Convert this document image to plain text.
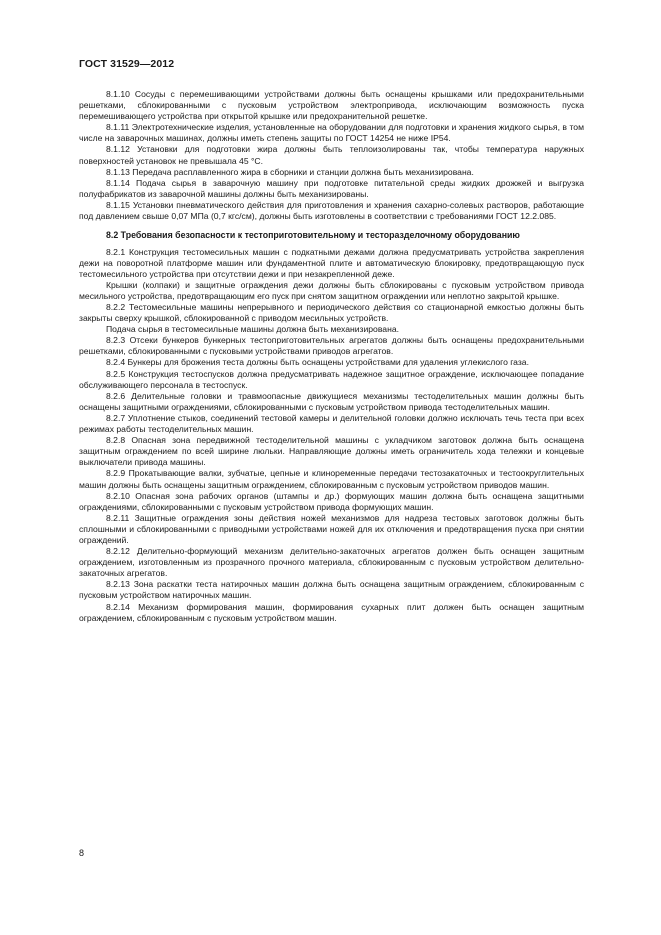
ГОСТ 31529—2012

8.1.10 Сосуды с перемешивающими устройствами должны быть оснащены крышками или предохранительными решетками, сблокированными с пусковым устройством электропривода, исключающим возможность пуска перемешивающего устройства при открытой крышке или предохранительной решетке.

8.1.11 Электротехнические изделия, установленные на оборудовании для подготовки и хранения жидкого сырья, в том числе на заварочных машинах, должны иметь степень защиты по ГОСТ 14254 не ниже IP54.

8.1.12 Установки для подготовки жира должны быть теплоизолированы так, чтобы температура наружных поверхностей установок не превышала 45 °С.

8.1.13 Передача расплавленного жира в сборники и станции должна быть механизирована.

8.1.14 Подача сырья в заварочную машину при подготовке питательной среды жидких дрожжей и выгрузка полуфабрикатов из заварочной машины должны быть механизированы.

8.1.15 Установки пневматического действия для приготовления и хранения сахарно-солевых растворов, работающие под давлением свыше 0,07 МПа (0,7 кгс/см), должны быть изготовлены в соответствии с требованиями ГОСТ 12.2.085.

8.2 Требования безопасности к тестоприготовительному и тесторазделочному оборудованию

8.2.1 Конструкция тестомесильных машин с подкатными дежами должна предусматривать устройства закрепления дежи на поворотной платформе машин или фундаментной плите и автоматическую блокировку, предотвращающую пуск тестомесильного устройства при отсутствии дежи и при незакрепленной деже.

Крышки (колпаки) и защитные ограждения дежи должны быть сблокированы с пусковым устройством привода месильного устройства, предотвращающим его пуск при снятом защитном ограждении или неплотно закрытой крышке.

8.2.2 Тестомесильные машины непрерывного и периодического действия со стационарной емкостью должны быть закрыты сверху крышкой, сблокированной с приводом месильных устройств.

Подача сырья в тестомесильные машины должна быть механизирована.

8.2.3 Отсеки бункеров бункерных тестоприготовительных агрегатов должны быть оснащены предохранительными решетками, сблокированными с пусковыми устройствами приводов агрегатов.

8.2.4 Бункеры для брожения теста должны быть оснащены устройствами для удаления углекислого газа.

8.2.5 Конструкция тестоспусков должна предусматривать надежное защитное ограждение, исключающее попадание обслуживающего персонала в тестоспуск.

8.2.6 Делительные головки и травмоопасные движущиеся механизмы тестоделительных машин должны быть оснащены защитными ограждениями, сблокированными с пусковым устройством привода тестоделительных машин.

8.2.7 Уплотнение стыков, соединений тестовой камеры и делительной головки должно исключать течь теста при всех режимах работы тестоделительных машин.

8.2.8 Опасная зона передвижной тестоделительной машины с укладчиком заготовок должна быть оснащена защитным ограждением по всей ширине люльки. Направляющие должны иметь ограничитель хода тележки и концевые выключатели привода машины.

8.2.9 Прокатывающие валки, зубчатые, цепные и клиноременные передачи тестозакаточных и тестоокруглительных машин должны быть оснащены защитным ограждением, сблокированным с пусковым устройством приводов машин.

8.2.10 Опасная зона рабочих органов (штампы и др.) формующих машин должна быть оснащена защитными ограждениями, сблокированными с пусковым устройством привода формующих машин.

8.2.11 Защитные ограждения зоны действия ножей механизмов для надреза тестовых заготовок должны быть сплошными и сблокированными с приводными устройствами ножей для их отключения и предотвращения пуска при снятии ограждений.

8.2.12 Делительно-формующий механизм делительно-закаточных агрегатов должен быть оснащен защитным ограждением, изготовленным из прозрачного прочного материала, сблокированным с пусковым устройством делительно-закаточных агрегатов.

8.2.13 Зона раскатки теста натирочных машин должна быть оснащена защитным ограждением, сблокированным с пусковым устройством натирочных машин.

8.2.14 Механизм формирования машин, формирования сухарных плит должен быть оснащен защитным ограждением, сблокированным с пусковым устройством машин.

8
